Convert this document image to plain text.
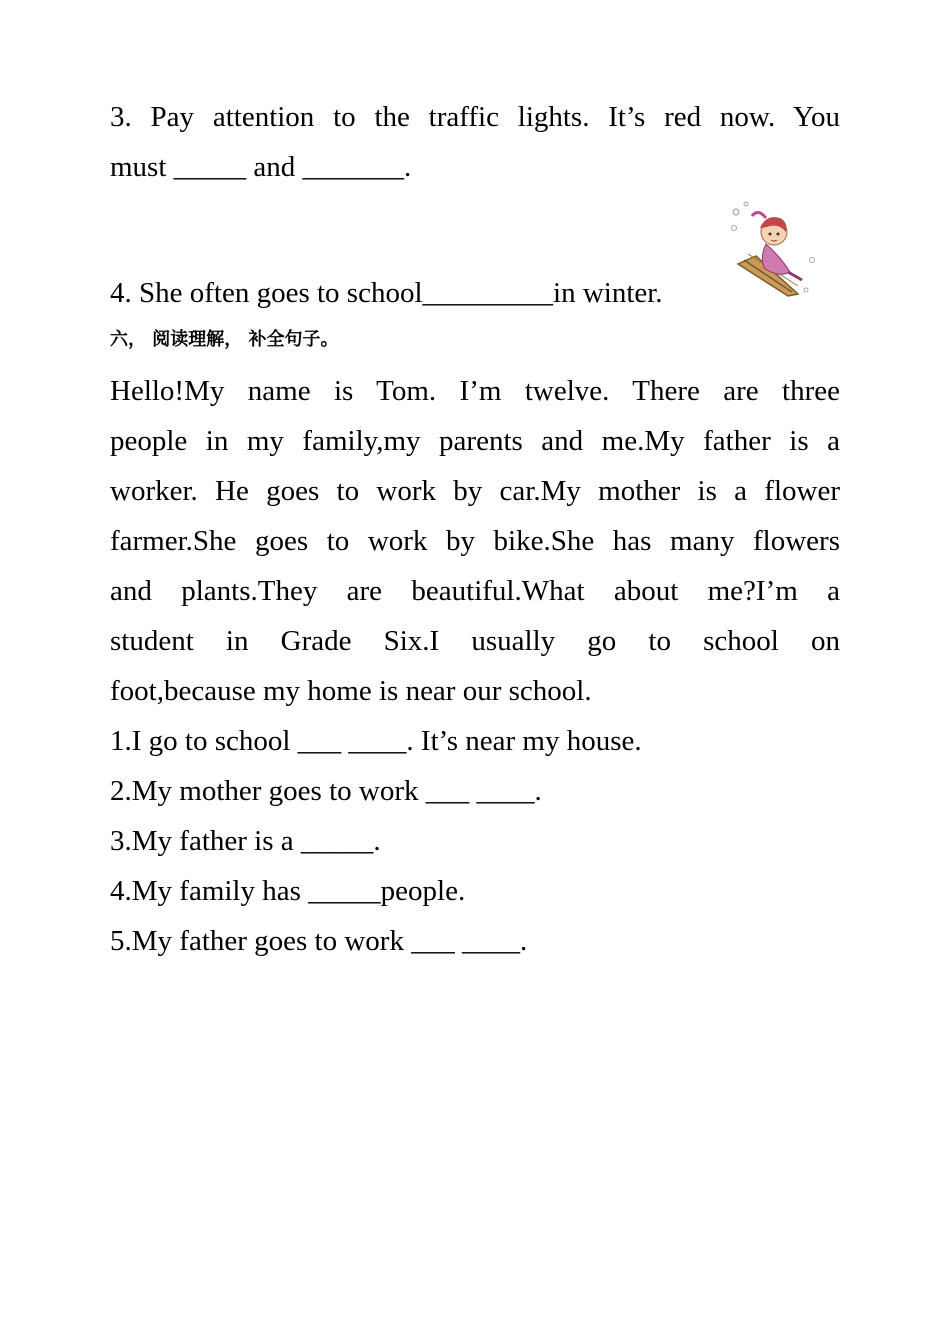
3. Pay attention to the traffic lights. It’s red now. You
must _____ and _______.
4. She often goes to school_________in winter.
六， 阅读理解， 补全句子。
Hello!My name is Tom. I’m twelve. There are three
people in my family,my parents and me.My father is a
worker. He goes to work by car.My mother is a flower
farmer.She goes to work by bike.She has many flowers
and plants.They are beautiful.What about me?I’m a
student in Grade Six.I usually go to school on
foot,because my home is near our school.
1.I go to school ___ ____. It’s near my house.
2.My mother goes to work ___ ____.
3.My father is a _____.
4.My family has _____people.
5.My father goes to work ___ ____.
